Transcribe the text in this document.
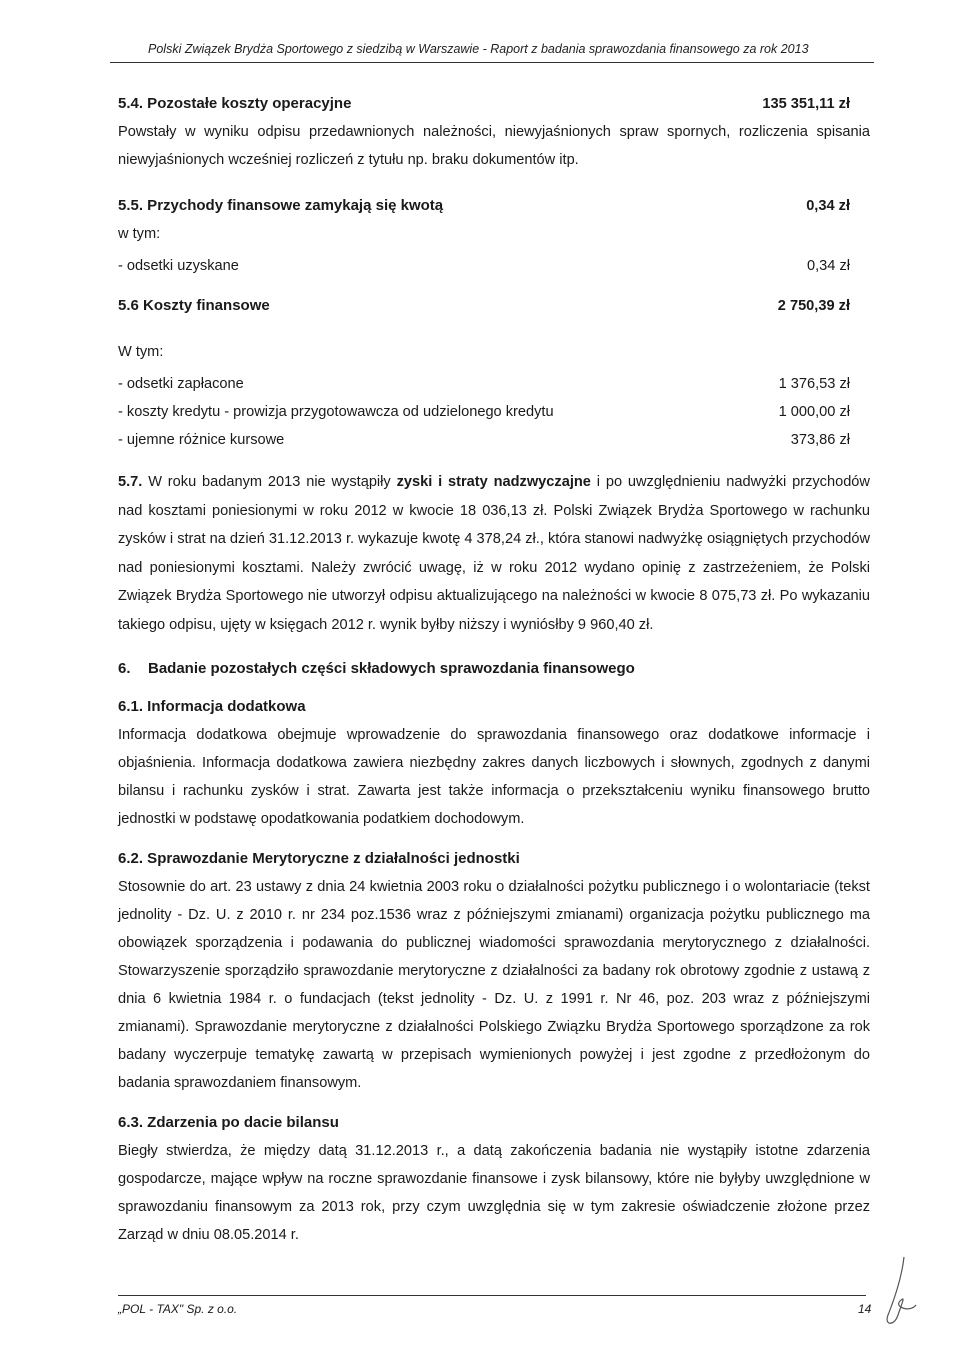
Polski Związek Brydża Sportowego z siedzibą w Warszawie - Raport z badania sprawozdania finansowego za rok 2013
5.4. Pozostałe koszty operacyjne	135 351,11 zł

Powstały w wyniku odpisu przedawnionych należności, niewyjaśnionych spraw spornych, rozliczenia spisania niewyjaśnionych wcześniej rozliczeń z tytułu np. braku dokumentów itp.

5.5. Przychody finansowe zamykają się kwotą	0,34 zł
w tym:
- odsetki uzyskane	0,34 zł
5.6 Koszty finansowe	2 750,39 zł
W tym:
- odsetki zapłacone	1 376,53 zł
- koszty kredytu - prowizja przygotowawcza od udzielonego kredytu	1 000,00 zł
- ujemne różnice kursowe	373,86 zł

5.7. W roku badanym 2013 nie wystąpiły zyski i straty nadzwyczajne i po uwzględnieniu nadwyżki przychodów nad kosztami poniesionymi w roku 2012 w kwocie 18 036,13 zł. Polski Związek Brydża Sportowego w rachunku zysków i strat na dzień 31.12.2013 r. wykazuje kwotę 4 378,24 zł., która stanowi nadwyżkę osiągniętych przychodów nad poniesionymi kosztami. Należy zwrócić uwagę, iż w roku 2012 wydano opinię z zastrzeżeniem, że Polski Związek Brydża Sportowego nie utworzył odpisu aktualizującego na należności w kwocie 8 075,73 zł. Po wykazaniu takiego odpisu, ujęty w księgach 2012 r. wynik byłby niższy i wyniósłby 9 960,40 zł.

6.	Badanie pozostałych części składowych sprawozdania finansowego
6.1. Informacja dodatkowa

Informacja dodatkowa obejmuje wprowadzenie do sprawozdania finansowego oraz dodatkowe informacje i objaśnienia. Informacja dodatkowa zawiera niezbędny zakres danych liczbowych i słownych, zgodnych z danymi bilansu i rachunku zysków i strat. Zawarta jest także informacja o przekształceniu wyniku finansowego brutto jednostki w podstawę opodatkowania podatkiem dochodowym.

6.2. Sprawozdanie Merytoryczne z działalności jednostki

Stosownie do art. 23 ustawy z dnia 24 kwietnia 2003 roku o działalności pożytku publicznego i o wolontariacie (tekst jednolity - Dz. U. z 2010 r. nr 234 poz.1536 wraz z późniejszymi zmianami) organizacja pożytku publicznego ma obowiązek sporządzenia i podawania do publicznej wiadomości sprawozdania merytorycznego z działalności. Stowarzyszenie sporządziło sprawozdanie merytoryczne z działalności za badany rok obrotowy zgodnie z ustawą z dnia 6 kwietnia 1984 r. o fundacjach (tekst jednolity - Dz. U. z 1991 r. Nr 46, poz. 203 wraz z późniejszymi zmianami). Sprawozdanie merytoryczne z działalności Polskiego Związku Brydża Sportowego sporządzone za rok badany wyczerpuje tematykę zawartą w przepisach wymienionych powyżej i jest zgodne z przedłożonym do badania sprawozdaniem finansowym.

6.3. Zdarzenia po dacie bilansu

Biegły stwierdza, że między datą 31.12.2013 r., a datą zakończenia badania nie wystąpiły istotne zdarzenia gospodarcze, mające wpływ na roczne sprawozdanie finansowe i zysk bilansowy, które nie byłyby uwzględnione w sprawozdaniu finansowym za 2013 rok, przy czym uwzględnia się w tym zakresie oświadczenie złożone przez Zarząd w dniu 08.05.2014 r.

„POL - TAX" Sp. z o.o.	14
